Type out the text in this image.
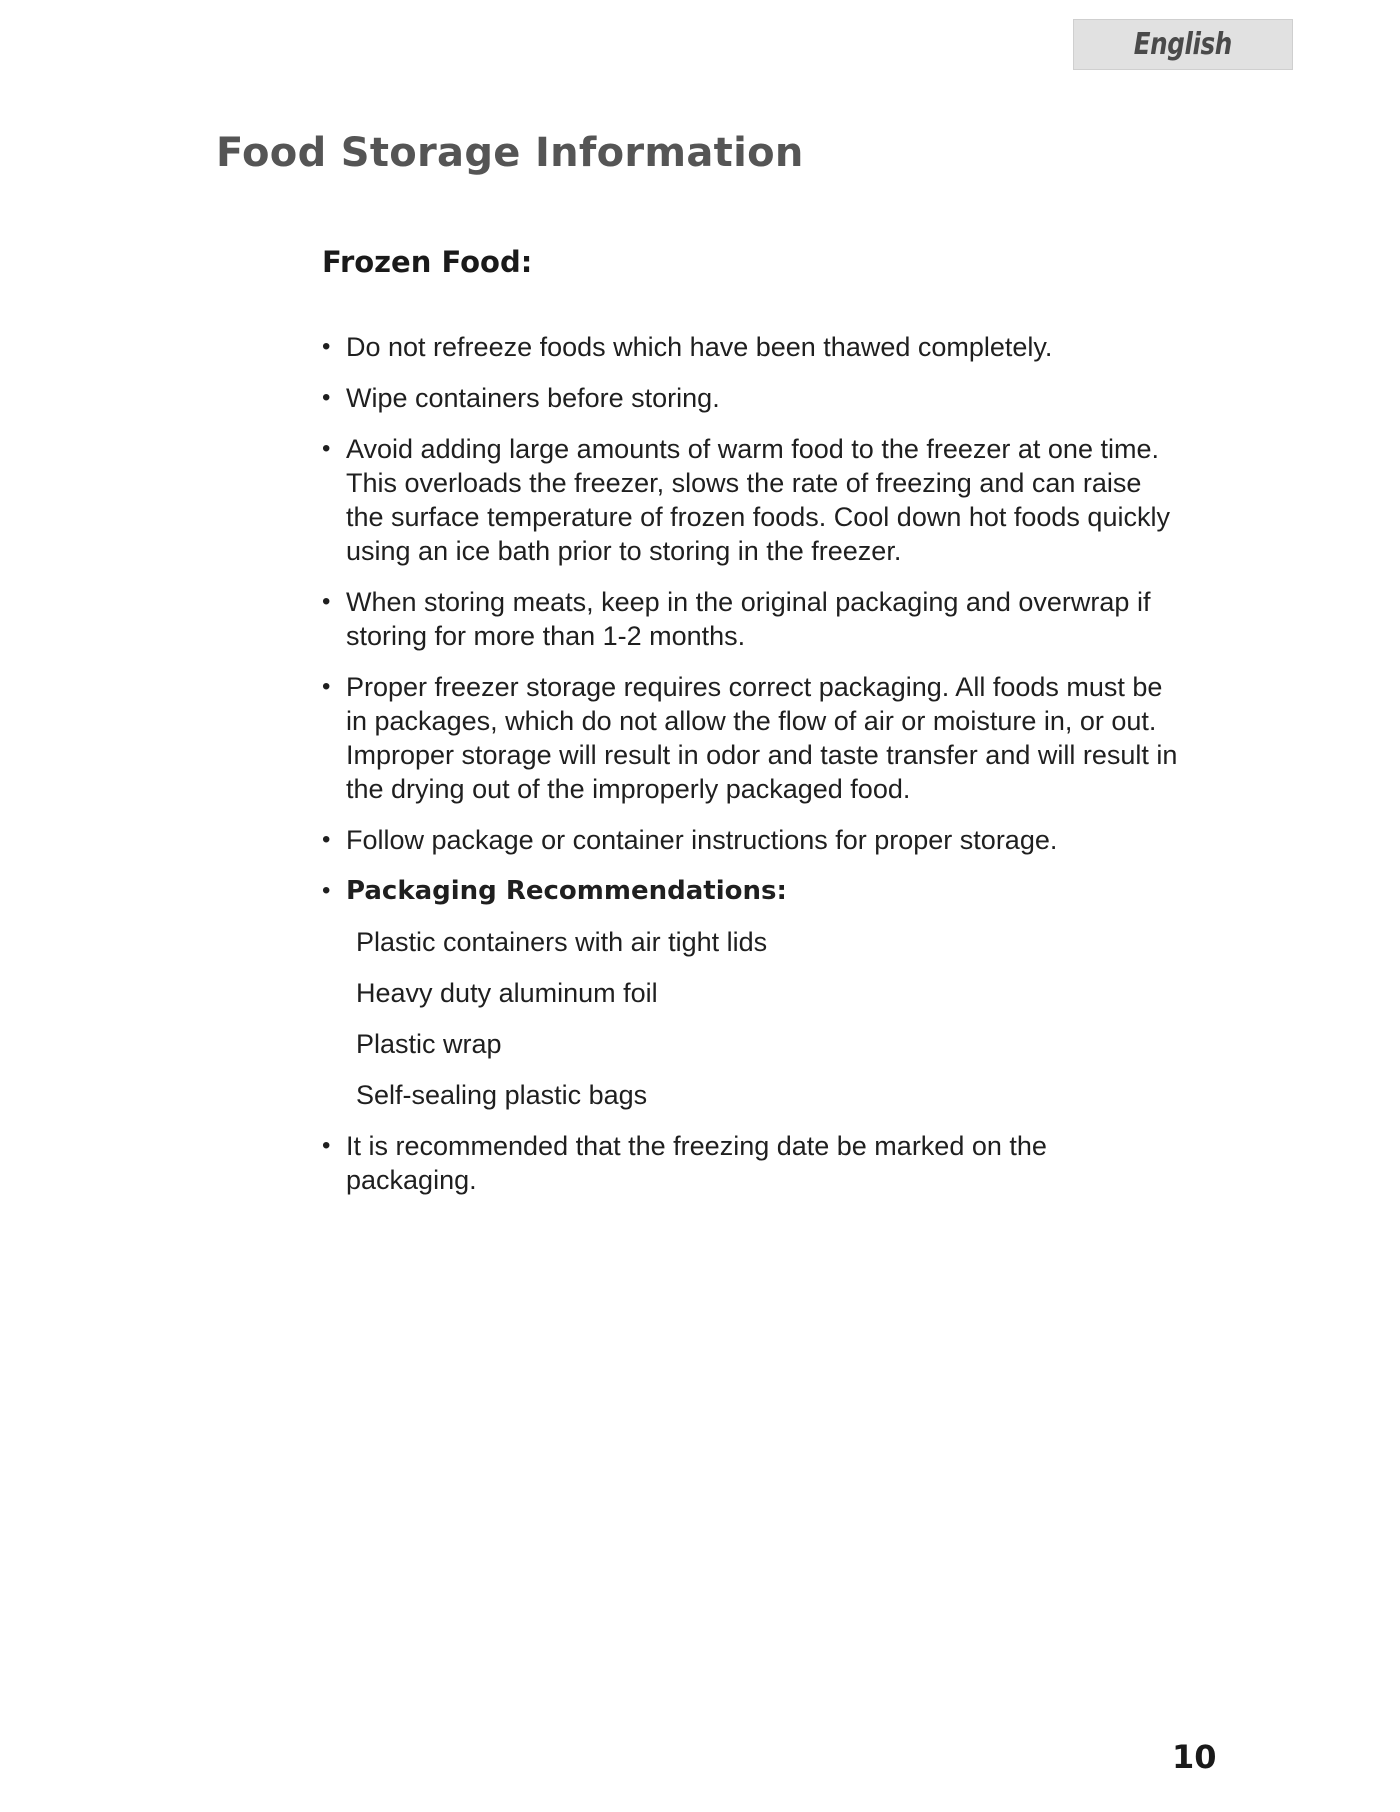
English
Food Storage Information
Frozen Food:
• Do not refreeze foods which have been thawed completely.
• Wipe containers before storing.
• Avoid adding large amounts of warm food to the freezer at one time. This overloads the freezer, slows the rate of freezing and can raise the surface temperature of frozen foods. Cool down hot foods quickly using an ice bath prior to storing in the freezer.
• When storing meats, keep in the original packaging and overwrap if storing for more than 1-2 months.
• Proper freezer storage requires correct packaging. All foods must be in packages, which do not allow the flow of air or moisture in, or out. Improper storage will result in odor and taste transfer and will result in the drying out of the improperly packaged food.
• Follow package or container instructions for proper storage.
• Packaging Recommendations:
Plastic containers with air tight lids
Heavy duty aluminum foil
Plastic wrap
Self-sealing plastic bags
• It is recommended that the freezing date be marked on the packaging.
10
